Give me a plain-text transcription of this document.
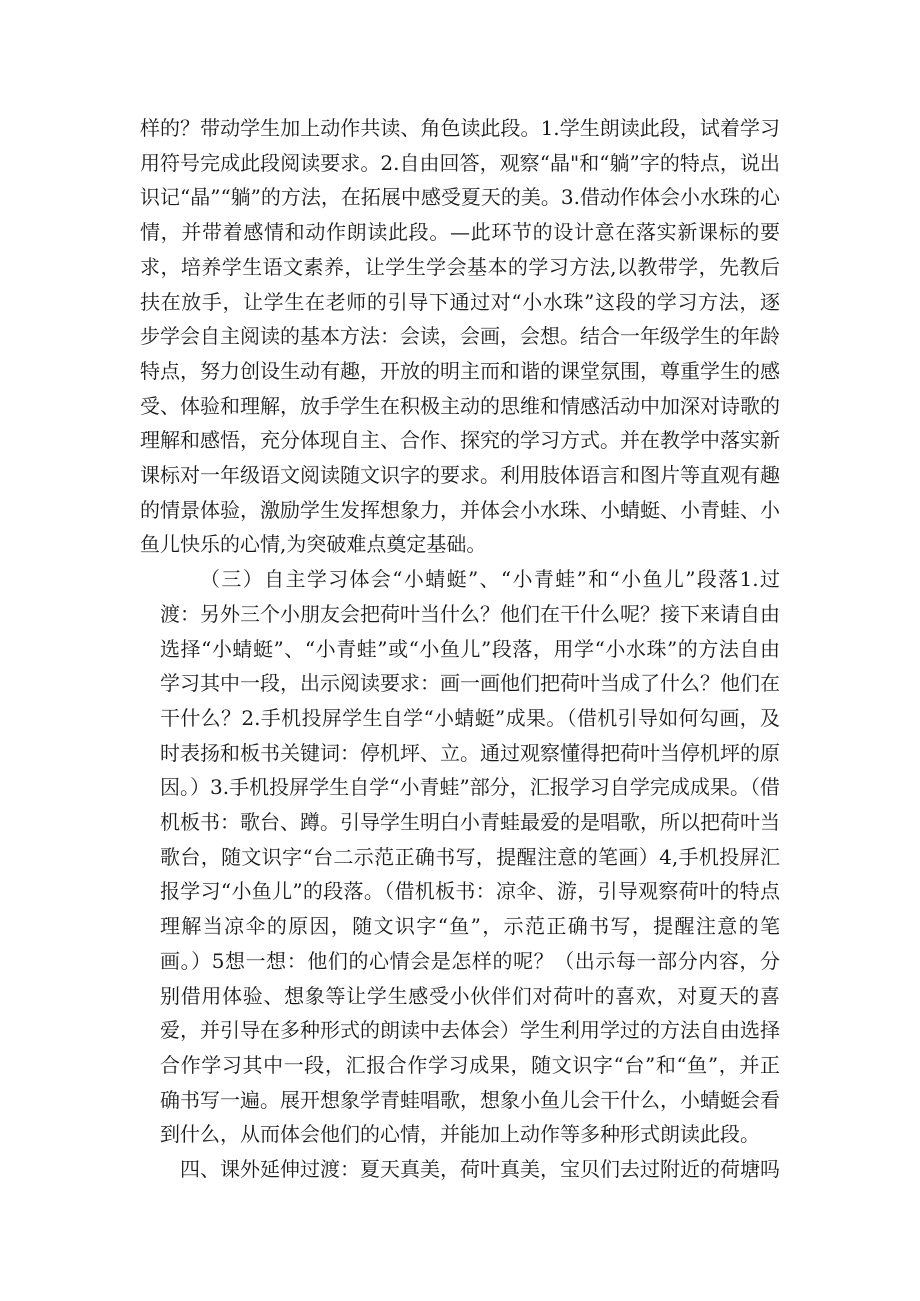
样的？带动学生加上动作共读、角色读此段。1.学生朗读此段，试着学习用符号完成此段阅读要求。2.自由回答，观察“晶"和“躺”字的特点，说出识记“晶”“躺”的方法，在拓展中感受夏天的美。3.借动作体会小水珠的心情，并带着感情和动作朗读此段。—此环节的设计意在落实新课标的要求，培养学生语文素养，让学生学会基本的学习方法,以教带学，先教后扶在放手，让学生在老师的引导下通过对“小水珠”这段的学习方法，逐步学会自主阅读的基本方法：会读，会画，会想。结合一年级学生的年龄特点，努力创设生动有趣，开放的明主而和谐的课堂氛围，尊重学生的感受、体验和理解，放手学生在积极主动的思维和情感活动中加深对诗歌的理解和感悟，充分体现自主、合作、探究的学习方式。并在教学中落实新课标对一年级语文阅读随文识字的要求。利用肢体语言和图片等直观有趣的情景体验，激励学生发挥想象力，并体会小水珠、小蜻蜓、小青蛙、小鱼儿快乐的心情,为突破难点奠定基础。

（三）自主学习体会“小蜻蜓”、“小青蛙”和“小鱼儿”段落1.过渡：另外三个小朋友会把荷叶当什么？他们在干什么呢？接下来请自由选择“小蜻蜓”、“小青蛙”或“小鱼儿”段落，用学“小水珠”的方法自由学习其中一段，出示阅读要求：画一画他们把荷叶当成了什么？他们在干什么？2.手机投屏学生自学“小蜻蜓”成果。（借机引导如何勾画，及时表扬和板书关键词：停机坪、立。通过观察懂得把荷叶当停机坪的原因。）3.手机投屏学生自学“小青蛙”部分，汇报学习自学完成成果。（借机板书：歌台、蹲。引导学生明白小青蛙最爱的是唱歌，所以把荷叶当歌台，随文识字“台二示范正确书写，提醒注意的笔画）4,手机投屏汇报学习“小鱼儿”的段落。（借机板书：凉伞、游，引导观察荷叶的特点理解当凉伞的原因，随文识字“鱼”，示范正确书写，提醒注意的笔画。）5想一想：他们的心情会是怎样的呢？（出示每一部分内容，分别借用体验、想象等让学生感受小伙伴们对荷叶的喜欢，对夏天的喜爱，并引导在多种形式的朗读中去体会）学生利用学过的方法自由选择合作学习其中一段，汇报合作学习成果，随文识字“台”和“鱼”，并正确书写一遍。展开想象学青蛙唱歌，想象小鱼儿会干什么，小蜻蜓会看到什么，从而体会他们的心情，并能加上动作等多种形式朗读此段。

四、课外延伸过渡：夏天真美，荷叶真美，宝贝们去过附近的荷塘吗
